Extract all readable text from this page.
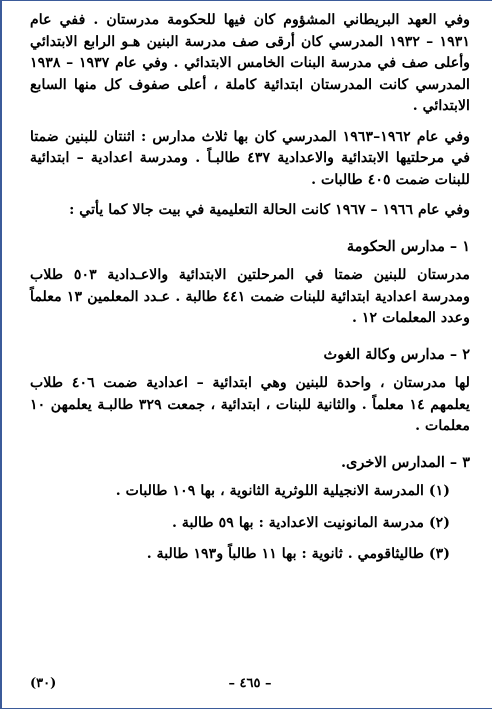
وفي العهد البريطاني المشؤوم كان فيها للحكومة مدرستان . ففي عام ١٩٣١ – ١٩٣٢ المدرسي كان أرقى صف مدرسة البنين هـو الرابع الابتدائي وأعلى صف في مدرسة البنات الخامس الابتدائي . وفي عام ١٩٣٧ – ١٩٣٨ المدرسي كانت المدرستان ابتدائية كاملة ، أعلى صفوف كل منها السابع الابتدائي .

وفي عام ١٩٦٢–١٩٦٣ المدرسي كان بها ثلاث مدارس : اثنتان للبنين ضمتا في مرحلتيها الابتدائية والاعدادية ٤٣٧ طالبـاً . ومدرسة اعدادية – ابتدائية للبنات ضمت ٤٠٥ طالبات .

وفي عام ١٩٦٦ – ١٩٦٧ كانت الحالة التعليمية في بيت جالا كما يأتي :

١ – مدارس الحكومة

مدرستان للبنين ضمتا في المرحلتين الابتدائية والاعـدادية ٥٠٣ طلاب ومدرسة اعدادية ابتدائية للبنات ضمت ٤٤١ طالبة . عـدد المعلمين ١٣ معلماً وعدد المعلمات ١٢ .

٢ – مدارس وكالة الغوث

لها مدرستان ، واحدة للبنين وهي ابتدائية – اعدادية ضمت ٤٠٦ طلاب يعلمهم ١٤ معلماً . والثانية للبنات ، ابتدائية ، جمعت ٣٢٩ طالبـة يعلمهن ١٠ معلمات .

٣ – المدارس الاخرى.
(١) المدرسة الانجيلية اللوثرية الثانوية ، بها ١٠٩ طالبات .
(٢) مدرسة المانونيت الاعدادية : بها ٥٩ طالبة .
(٣) طاليثاقومي . ثانوية : بها ١١ طالباً و١٩٣ طالبة .
– ٤٦٥ –
(٣٠)
